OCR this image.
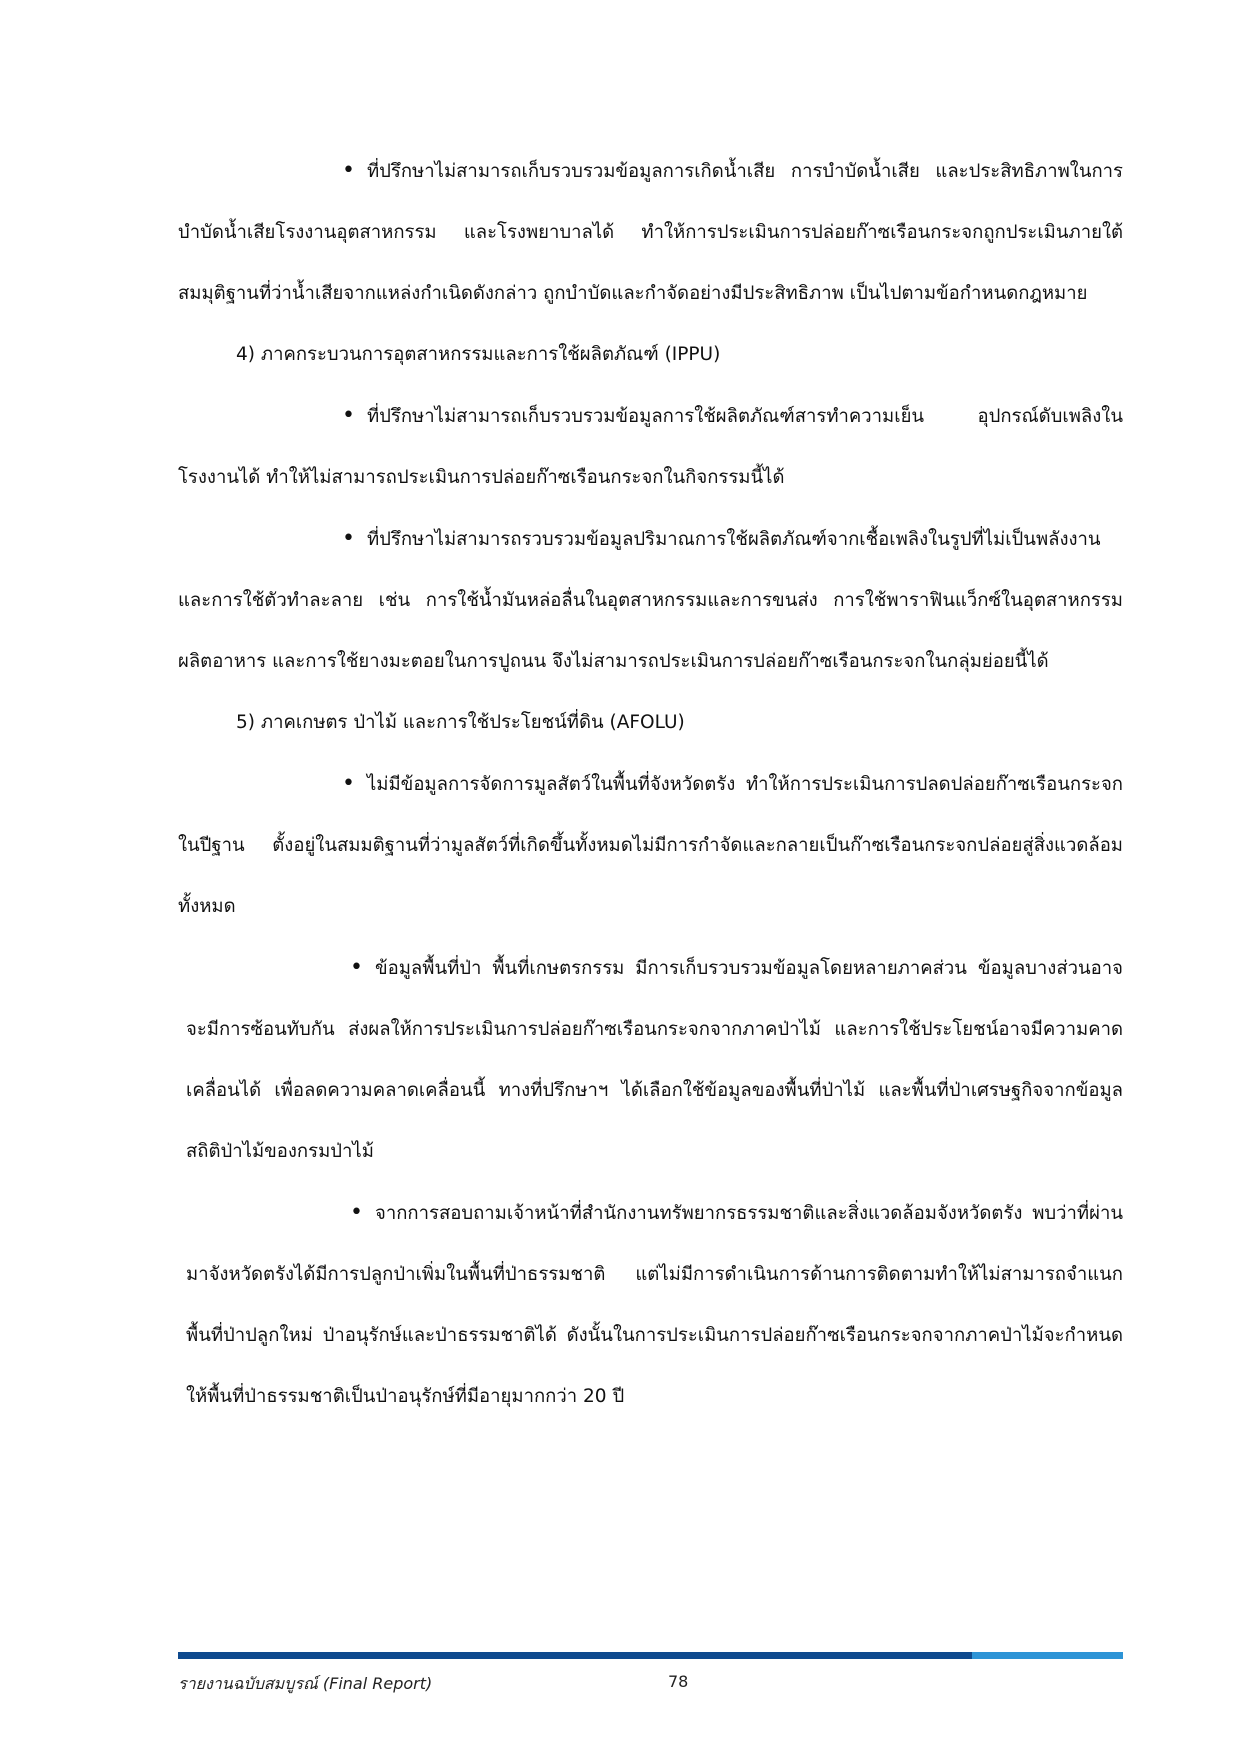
• ที่ปรึกษาไม่สามารถเก็บรวบรวมข้อมูลการเกิดน้ำเสีย การบำบัดน้ำเสีย และประสิทธิภาพในการบำบัดน้ำเสียโรงงานอุตสาหกรรม และโรงพยาบาลได้ ทำให้การประเมินการปล่อยก๊าซเรือนกระจกถูกประเมินภายใต้สมมุติฐานที่ว่าน้ำเสียจากแหล่งกำเนิดดังกล่าว ถูกบำบัดและกำจัดอย่างมีประสิทธิภาพ เป็นไปตามข้อกำหนดกฎหมาย

4) ภาคกระบวนการอุตสาหกรรมและการใช้ผลิตภัณฑ์ (IPPU)

• ที่ปรึกษาไม่สามารถเก็บรวบรวมข้อมูลการใช้ผลิตภัณฑ์สารทำความเย็น อุปกรณ์ดับเพลิงในโรงงานได้ ทำให้ไม่สามารถประเมินการปล่อยก๊าซเรือนกระจกในกิจกรรมนี้ได้

• ที่ปรึกษาไม่สามารถรวบรวมข้อมูลปริมาณการใช้ผลิตภัณฑ์จากเชื้อเพลิงในรูปที่ไม่เป็นพลังงานและการใช้ตัวทำละลาย เช่น การใช้น้ำมันหล่อลื่นในอุตสาหกรรมและการขนส่ง การใช้พาราฟินแว็กซ์ในอุตสาหกรรมผลิตอาหาร และการใช้ยางมะตอยในการปูถนน จึงไม่สามารถประเมินการปล่อยก๊าซเรือนกระจกในกลุ่มย่อยนี้ได้

5) ภาคเกษตร ป่าไม้ และการใช้ประโยชน์ที่ดิน (AFOLU)

• ไม่มีข้อมูลการจัดการมูลสัตว์ในพื้นที่จังหวัดตรัง ทำให้การประเมินการปลดปล่อยก๊าซเรือนกระจกในปีฐาน ตั้งอยู่ในสมมติฐานที่ว่ามูลสัตว์ที่เกิดขึ้นทั้งหมดไม่มีการกำจัดและกลายเป็นก๊าซเรือนกระจกปล่อยสู่สิ่งแวดล้อมทั้งหมด

• ข้อมูลพื้นที่ป่า พื้นที่เกษตรกรรม มีการเก็บรวบรวมข้อมูลโดยหลายภาคส่วน ข้อมูลบางส่วนอาจจะมีการซ้อนทับกัน ส่งผลให้การประเมินการปล่อยก๊าซเรือนกระจกจากภาคป่าไม้ และการใช้ประโยชน์อาจมีความคาดเคลื่อนได้ เพื่อลดความคลาดเคลื่อนนี้ ทางที่ปรึกษาฯ ได้เลือกใช้ข้อมูลของพื้นที่ป่าไม้ และพื้นที่ป่าเศรษฐกิจจากข้อมูลสถิติป่าไม้ของกรมป่าไม้

• จากการสอบถามเจ้าหน้าที่สำนักงานทรัพยากรธรรมชาติและสิ่งแวดล้อมจังหวัดตรัง พบว่าที่ผ่านมาจังหวัดตรังได้มีการปลูกป่าเพิ่มในพื้นที่ป่าธรรมชาติ แต่ไม่มีการดำเนินการด้านการติดตามทำให้ไม่สามารถจำแนกพื้นที่ป่าปลูกใหม่ ป่าอนุรักษ์และป่าธรรมชาติได้ ดังนั้นในการประเมินการปล่อยก๊าซเรือนกระจกจากภาคป่าไม้จะกำหนดให้พื้นที่ป่าธรรมชาติเป็นป่าอนุรักษ์ที่มีอายุมากกว่า 20 ปี

รายงานฉบับสมบูรณ์ (Final Report)	78
